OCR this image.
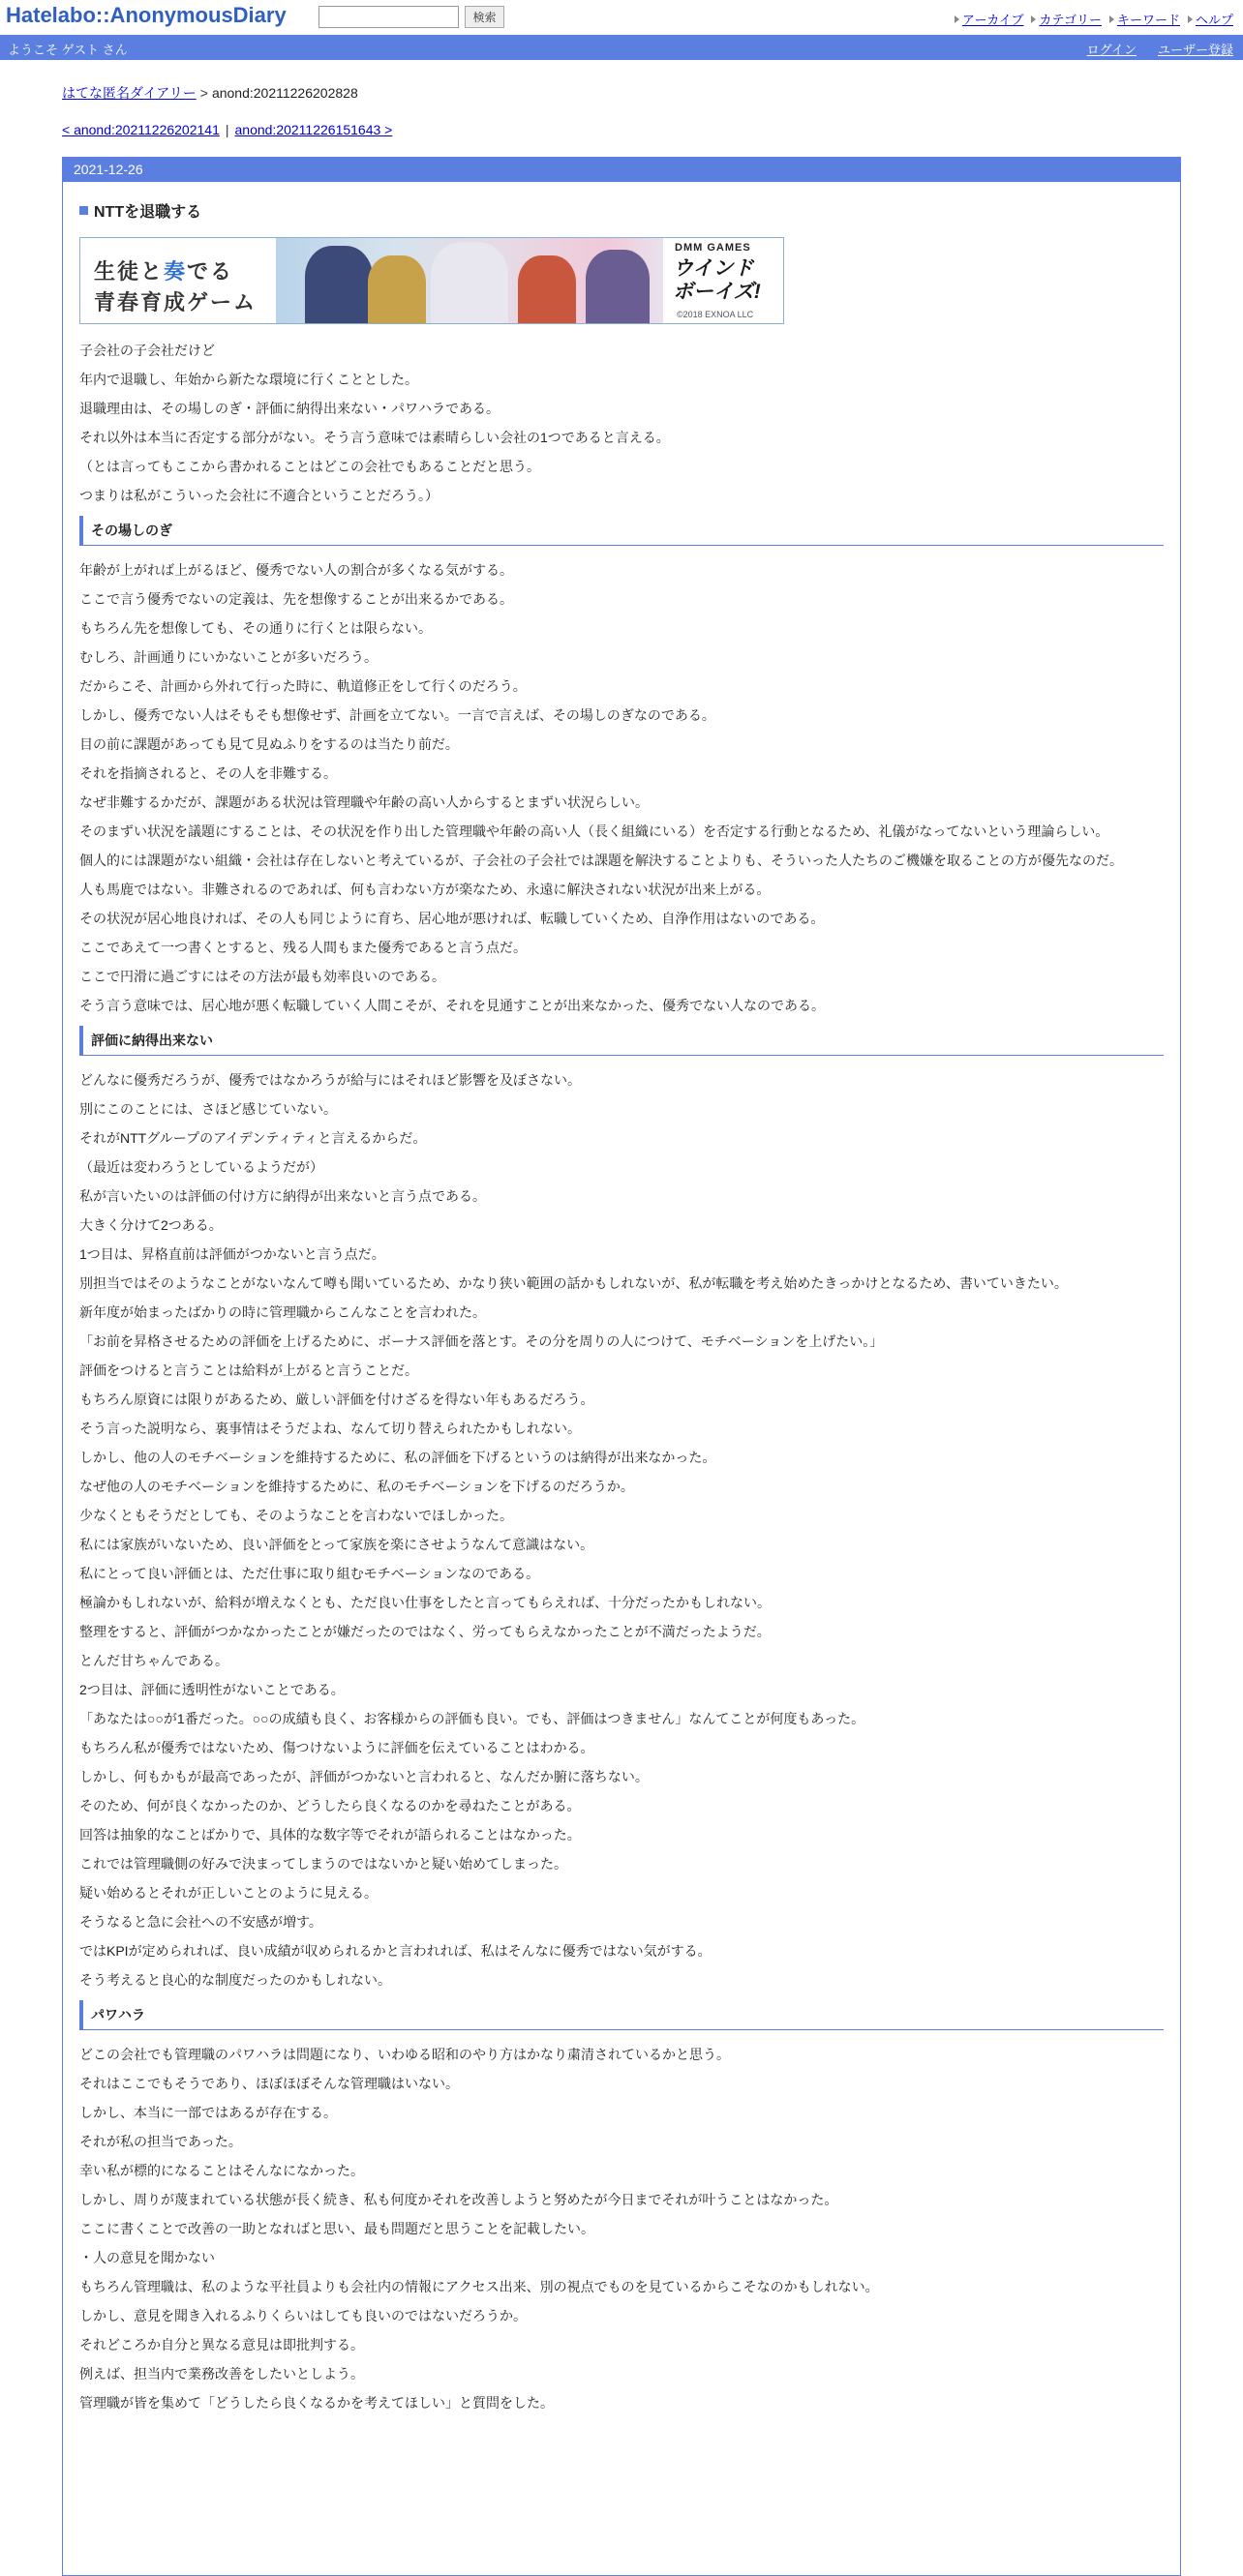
Hatelabo::AnonymousDiary	検索	アーカイブ カテゴリー キーワード ヘルプ
ようこそ ゲスト さん	ログイン ユーザー登録
はてな匿名ダイアリー > anond:20211226202828
< anond:20211226202141 | anond:20211226151643 >
2021-12-26
NTTを退職する
生徒と奏でる
青春育成ゲーム
DMM GAMES
ウインド
ボーイズ!
©2018 EXNOA LLC

子会社の子会社だけど

年内で退職し、年始から新たな環境に行くこととした。

退職理由は、その場しのぎ・評価に納得出来ない・パワハラである。

それ以外は本当に否定する部分がない。そう言う意味では素晴らしい会社の1つであると言える。

（とは言ってもここから書かれることはどこの会社でもあることだと思う。

つまりは私がこういった会社に不適合ということだろう。）

その場しのぎ

年齢が上がれば上がるほど、優秀でない人の割合が多くなる気がする。

ここで言う優秀でないの定義は、先を想像することが出来るかである。

もちろん先を想像しても、その通りに行くとは限らない。

むしろ、計画通りにいかないことが多いだろう。

だからこそ、計画から外れて行った時に、軌道修正をして行くのだろう。

しかし、優秀でない人はそもそも想像せず、計画を立てない。一言で言えば、その場しのぎなのである。

目の前に課題があっても見て見ぬふりをするのは当たり前だ。

それを指摘されると、その人を非難する。

なぜ非難するかだが、課題がある状況は管理職や年齢の高い人からするとまずい状況らしい。

そのまずい状況を議題にすることは、その状況を作り出した管理職や年齢の高い人（長く組織にいる）を否定する行動となるため、礼儀がなってないという理論らしい。

個人的には課題がない組織・会社は存在しないと考えているが、子会社の子会社では課題を解決することよりも、そういった人たちのご機嫌を取ることの方が優先なのだ。

人も馬鹿ではない。非難されるのであれば、何も言わない方が楽なため、永遠に解決されない状況が出来上がる。

その状況が居心地良ければ、その人も同じように育ち、居心地が悪ければ、転職していくため、自浄作用はないのである。

ここであえて一つ書くとすると、残る人間もまた優秀であると言う点だ。

ここで円滑に過ごすにはその方法が最も効率良いのである。

そう言う意味では、居心地が悪く転職していく人間こそが、それを見通すことが出来なかった、優秀でない人なのである。

評価に納得出来ない

どんなに優秀だろうが、優秀ではなかろうが給与にはそれほど影響を及ぼさない。

別にこのことには、さほど感じていない。

それがNTTグループのアイデンティティと言えるからだ。

（最近は変わろうとしているようだが）

私が言いたいのは評価の付け方に納得が出来ないと言う点である。

大きく分けて2つある。

1つ目は、昇格直前は評価がつかないと言う点だ。

別担当ではそのようなことがないなんて噂も聞いているため、かなり狭い範囲の話かもしれないが、私が転職を考え始めたきっかけとなるため、書いていきたい。

新年度が始まったばかりの時に管理職からこんなことを言われた。

「お前を昇格させるための評価を上げるために、ボーナス評価を落とす。その分を周りの人につけて、モチベーションを上げたい。」

評価をつけると言うことは給料が上がると言うことだ。

もちろん原資には限りがあるため、厳しい評価を付けざるを得ない年もあるだろう。

そう言った説明なら、裏事情はそうだよね、なんて切り替えられたかもしれない。

しかし、他の人のモチベーションを維持するために、私の評価を下げるというのは納得が出来なかった。

なぜ他の人のモチベーションを維持するために、私のモチベーションを下げるのだろうか。

少なくともそうだとしても、そのようなことを言わないでほしかった。

私には家族がいないため、良い評価をとって家族を楽にさせようなんて意識はない。

私にとって良い評価とは、ただ仕事に取り組むモチベーションなのである。

極論かもしれないが、給料が増えなくとも、ただ良い仕事をしたと言ってもらえれば、十分だったかもしれない。

整理をすると、評価がつかなかったことが嫌だったのではなく、労ってもらえなかったことが不満だったようだ。

とんだ甘ちゃんである。

2つ目は、評価に透明性がないことである。

「あなたは○○が1番だった。○○の成績も良く、お客様からの評価も良い。でも、評価はつきません」なんてことが何度もあった。

もちろん私が優秀ではないため、傷つけないように評価を伝えていることはわかる。

しかし、何もかもが最高であったが、評価がつかないと言われると、なんだか腑に落ちない。

そのため、何が良くなかったのか、どうしたら良くなるのかを尋ねたことがある。

回答は抽象的なことばかりで、具体的な数字等でそれが語られることはなかった。

これでは管理職側の好みで決まってしまうのではないかと疑い始めてしまった。

疑い始めるとそれが正しいことのように見える。

そうなると急に会社への不安感が増す。

ではKPIが定められれば、良い成績が収められるかと言われれば、私はそんなに優秀ではない気がする。

そう考えると良心的な制度だったのかもしれない。

パワハラ

どこの会社でも管理職のパワハラは問題になり、いわゆる昭和のやり方はかなり粛清されているかと思う。

それはここでもそうであり、ほぼほぼそんな管理職はいない。

しかし、本当に一部ではあるが存在する。

それが私の担当であった。

幸い私が標的になることはそんなになかった。

しかし、周りが蔑まれている状態が長く続き、私も何度かそれを改善しようと努めたが今日までそれが叶うことはなかった。

ここに書くことで改善の一助となればと思い、最も問題だと思うことを記載したい。

・人の意見を聞かない

もちろん管理職は、私のような平社員よりも会社内の情報にアクセス出来、別の視点でものを見ているからこそなのかもしれない。

しかし、意見を聞き入れるふりくらいはしても良いのではないだろうか。

それどころか自分と異なる意見は即批判する。

例えば、担当内で業務改善をしたいとしよう。

管理職が皆を集めて「どうしたら良くなるかを考えてほしい」と質問をした。
